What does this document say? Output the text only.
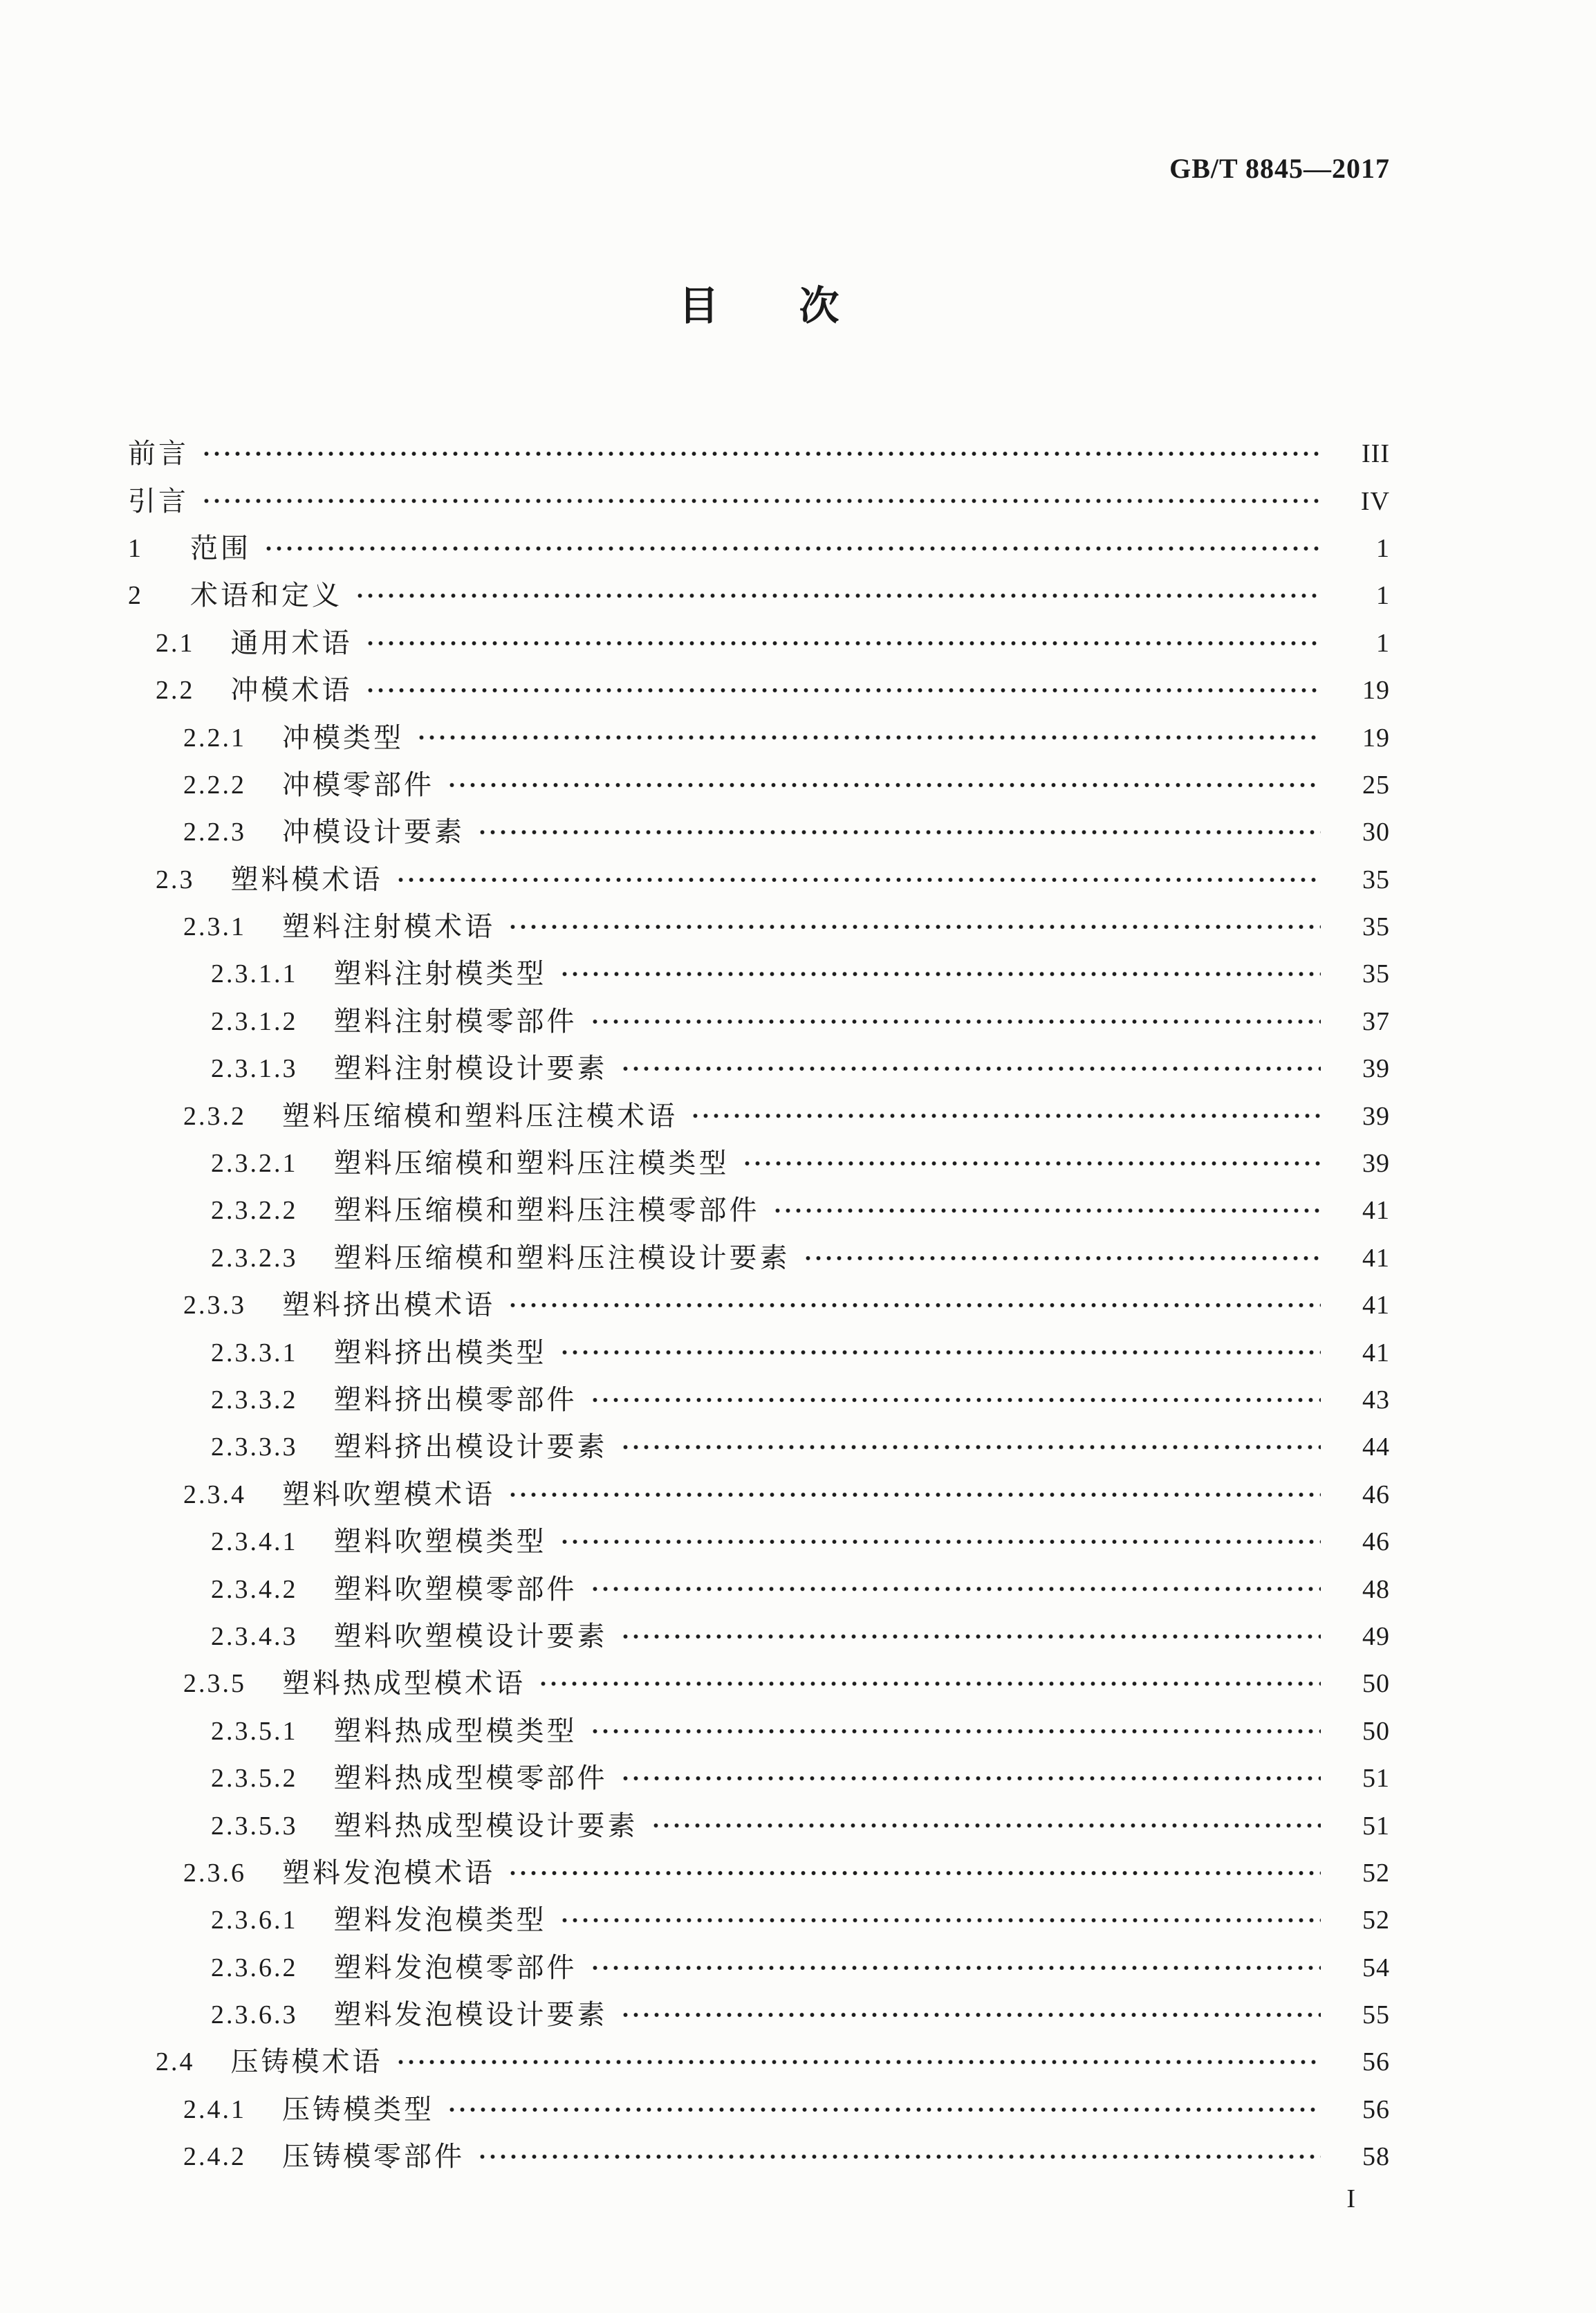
GB/T 8845—2017
目　　次
前言	III
引言	IV
1 范围	1
2 术语和定义	1
2.1 通用术语	1
2.2 冲模术语	19
2.2.1 冲模类型	19
2.2.2 冲模零部件	25
2.2.3 冲模设计要素	30
2.3 塑料模术语	35
2.3.1 塑料注射模术语	35
2.3.1.1 塑料注射模类型	35
2.3.1.2 塑料注射模零部件	37
2.3.1.3 塑料注射模设计要素	39
2.3.2 塑料压缩模和塑料压注模术语	39
2.3.2.1 塑料压缩模和塑料压注模类型	39
2.3.2.2 塑料压缩模和塑料压注模零部件	41
2.3.2.3 塑料压缩模和塑料压注模设计要素	41
2.3.3 塑料挤出模术语	41
2.3.3.1 塑料挤出模类型	41
2.3.3.2 塑料挤出模零部件	43
2.3.3.3 塑料挤出模设计要素	44
2.3.4 塑料吹塑模术语	46
2.3.4.1 塑料吹塑模类型	46
2.3.4.2 塑料吹塑模零部件	48
2.3.4.3 塑料吹塑模设计要素	49
2.3.5 塑料热成型模术语	50
2.3.5.1 塑料热成型模类型	50
2.3.5.2 塑料热成型模零部件	51
2.3.5.3 塑料热成型模设计要素	51
2.3.6 塑料发泡模术语	52
2.3.6.1 塑料发泡模类型	52
2.3.6.2 塑料发泡模零部件	54
2.3.6.3 塑料发泡模设计要素	55
2.4 压铸模术语	56
2.4.1 压铸模类型	56
2.4.2 压铸模零部件	58
I
